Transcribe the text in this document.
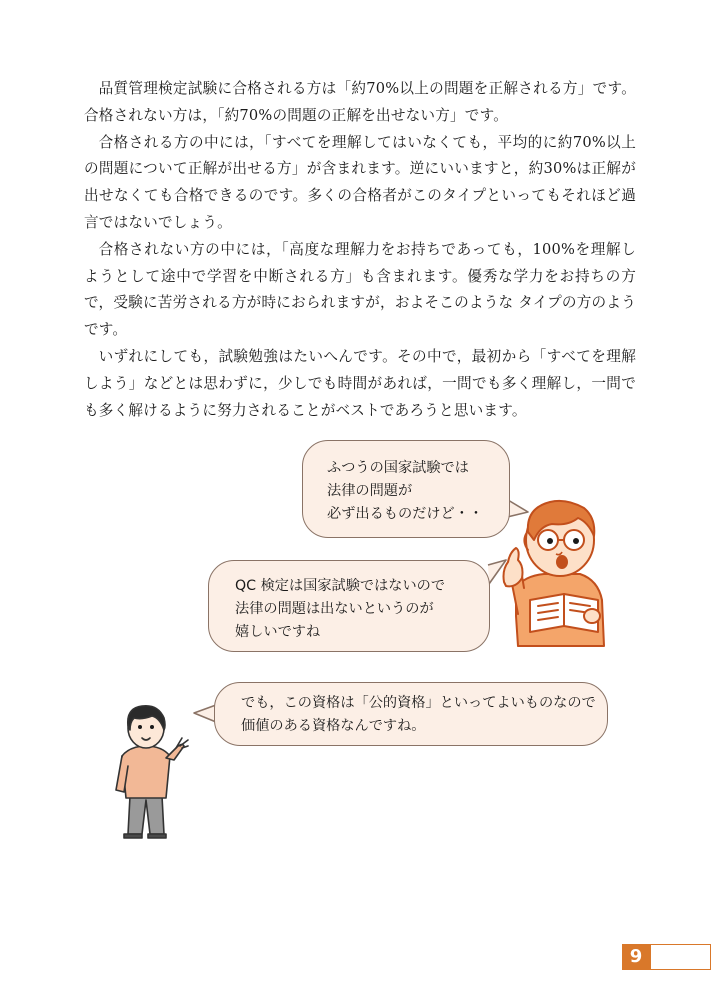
品質管理検定試験に合格される方は「約70%以上の問題を正解される方」です。合格されない方は，「約70%の問題の正解を出せない方」です。

合格される方の中には，「すべてを理解してはいなくても，平均的に約70%以上の問題について正解が出せる方」が含まれます。逆にいいますと，約30%は正解が出せなくても合格できるのです。多くの合格者がこのタイプといってもそれほど過言ではないでしょう。

合格されない方の中には，「高度な理解力をお持ちであっても，100%を理解しようとして途中で学習を中断される方」も含まれます。優秀な学力をお持ちの方で，受験に苦労される方が時におられますが，およそこのような タイプの方のようです。

いずれにしても，試験勉強はたいへんです。その中で，最初から「すべてを理解しよう」などとは思わずに，少しでも時間があれば，一問でも多く理解し，一問でも多く解けるように努力されることがベストであろうと思います。

ふつうの国家試験では
法律の問題が
必ず出るものだけど・・
QC 検定は国家試験ではないので
法律の問題は出ないというのが
嬉しいですね
でも，この資格は「公的資格」といってよいものなので
価値のある資格なんですね。
9
